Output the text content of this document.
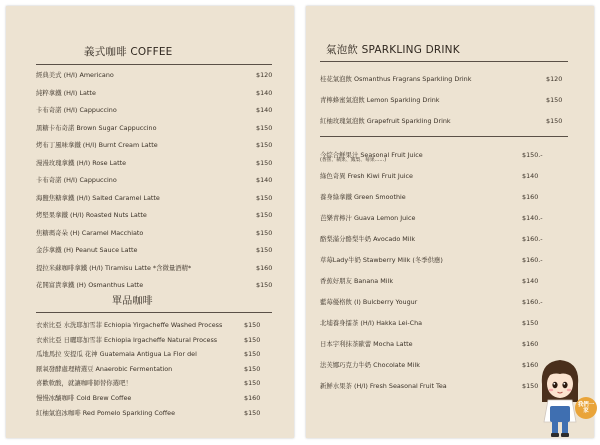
義式咖啡 COFFEE
經典美式 (H/I) Americano	$120
純粹拿鐵 (H/I) Latte	$140
卡布奇諾 (H/I) Cappuccino	$140
黑糖卡布奇諾 Brown Sugar Cappuccino	$150
烤布丁風味拿鐵 (H/I) Burnt Cream Latte	$150
漫漫玫瑰拿鐵 (H/I) Rose Latte	$150
卡布奇諾 (H/I) Cappuccino	$140
海鹽焦糖拿鐵 (H/I) Salted Caramel Latte	$150
烤堅果拿鐵 (H/I) Roasted Nuts Latte	$150
焦糖瑪奇朵 (H) Caramel Macchiato	$150
金莎拿鐵 (H) Peanut Sauce Latte	$150
提拉米蘇咖啡拿鐵 (H/I) Tiramisu Latte *含微量酒精*	$160
花開富貴拿鐵 (H) Osmanthus Latte	$150
單品咖啡
衣索比亞 水洗耶加雪菲 Echiopia Yirgacheffe Washed Process	$150
衣索比亞 日曬耶加雪菲 Echiopia Irgacheffe Natural Process	$150
瓜地馬拉 安提瓜 花神 Guatemala Antigua La Flor del	$150
厭氧發酵處理精選豆 Anaerobic Fermentation	$150
喜歡軟酸，就讓咖啡師替你選吧！	$150
慢慢冰釀咖啡 Cold Brew Coffee	$160
紅柚氣泡冰咖啡 Red Pomelo Sparkling Coffee	$150
氣泡飲 SPARKLING DRINK
桂花氣泡飲 Osmanthus Fragrans Sparkling Drink	$120
青檸蜂蜜氣泡飲 Lemon Sparkling Drink	$150
紅柚玫瑰氣泡飲 Grapefruit Sparkling Drink	$150
今綜合鮮果汁 Seasonal Fruit Juice	$150.-
(香蕉、蘋果、鳳梨、莓果……)
綠色奇異 Fresh Kiwi Fruit Juice	$140
養身綠拿鐵 Green Smoothie	$160
芭樂青檸汁 Guava Lemon Juice	$140.-
酪梨滿分酪梨牛奶 Avocado Milk	$160.-
草莓Lady牛奶 Stawberry Milk (冬季供應)	$160.-
香蕉好朋友 Banana Milk	$140
藍莓優格飲 (I) Bulcberry Yougur	$160.-
北埔養身擂茶 (H/I) Hakka Lei-Cha	$150
日本宇利抹茶歐蕾 Mocha Latte	$160
法芙娜巧克力牛奶 Chocolate Milk	$160
新鮮水果茶 (H/I) Fresh Seasonal Fruit Tea	$150
我們一家
